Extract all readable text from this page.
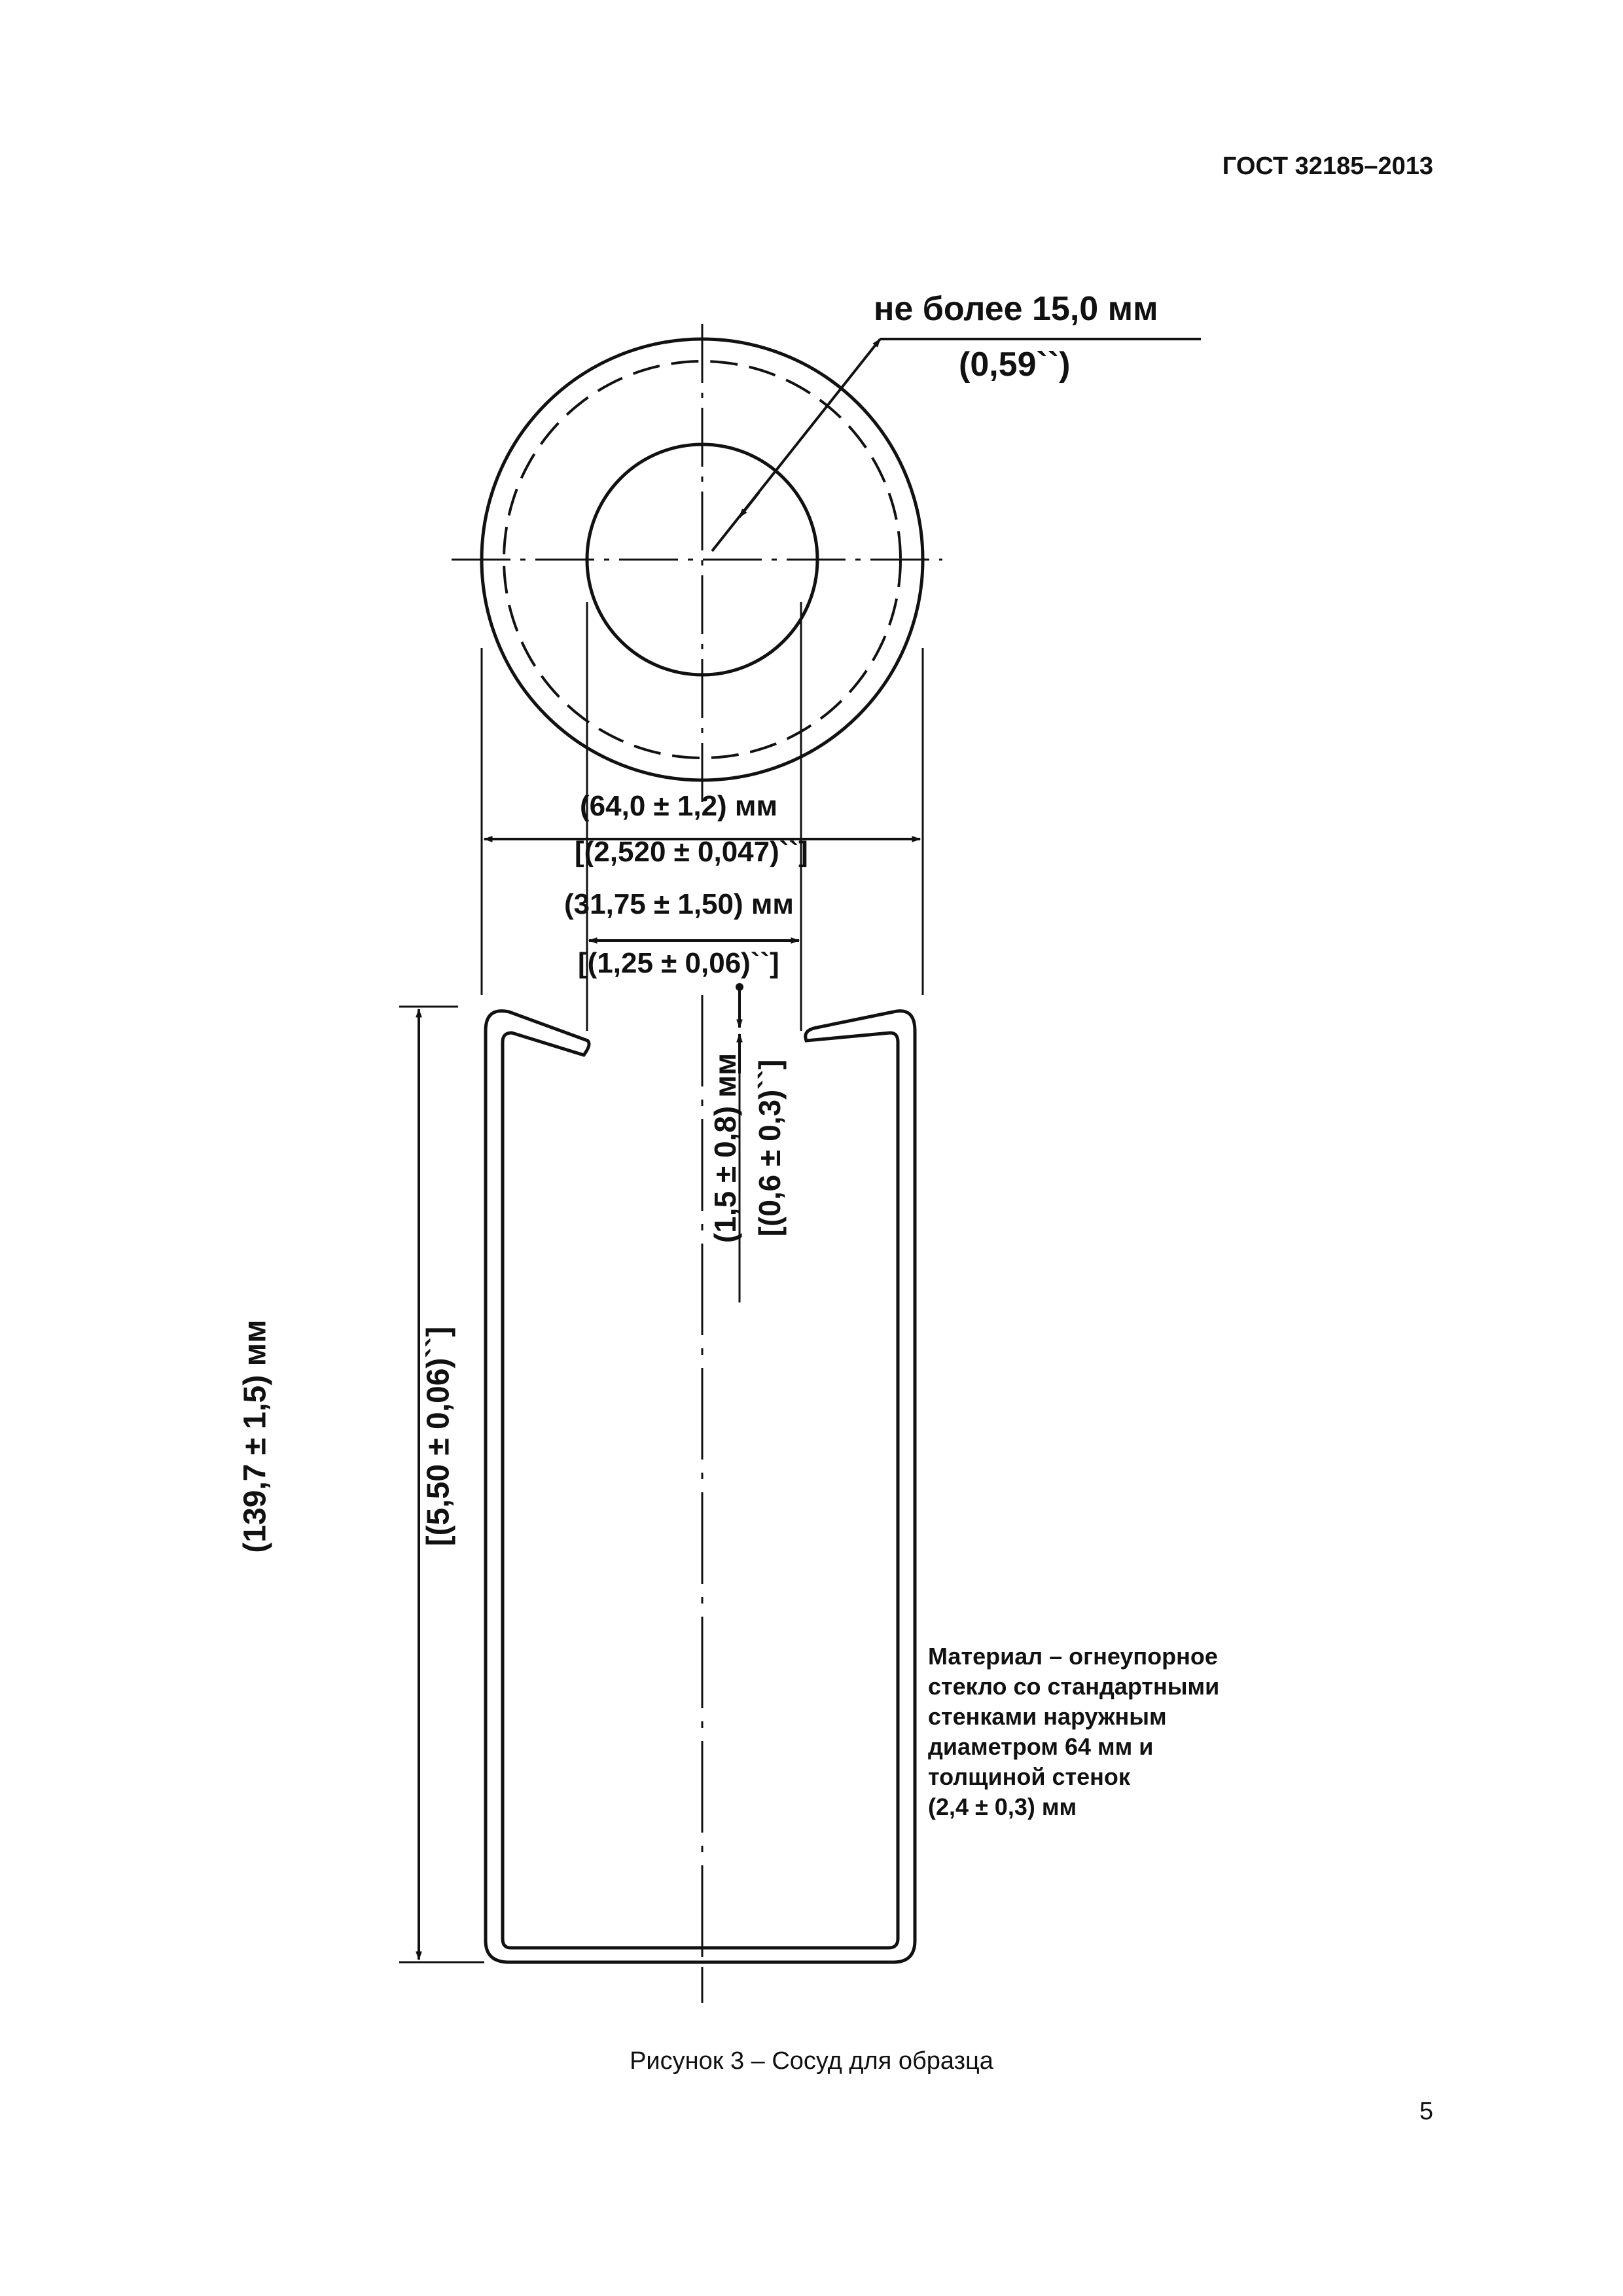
ГОСТ 32185–2013
не более 15,0 мм
(0,59``)
(64,0 ± 1,2) мм
[(2,520 ± 0,047)``]
(31,75 ± 1,50) мм
[(1,25 ± 0,06)``]
(139,7 ± 1,5) мм	[(5,50 ± 0,06)``]
(1,5 ± 0,8) мм [(0,6 ± 0,3)``]
Материал – огнеупорное
стекло со стандартными
стенками наружным
диаметром 64 мм и
толщиной стенок
(2,4 ± 0,3) мм
Рисунок 3 – Сосуд для образца
5
